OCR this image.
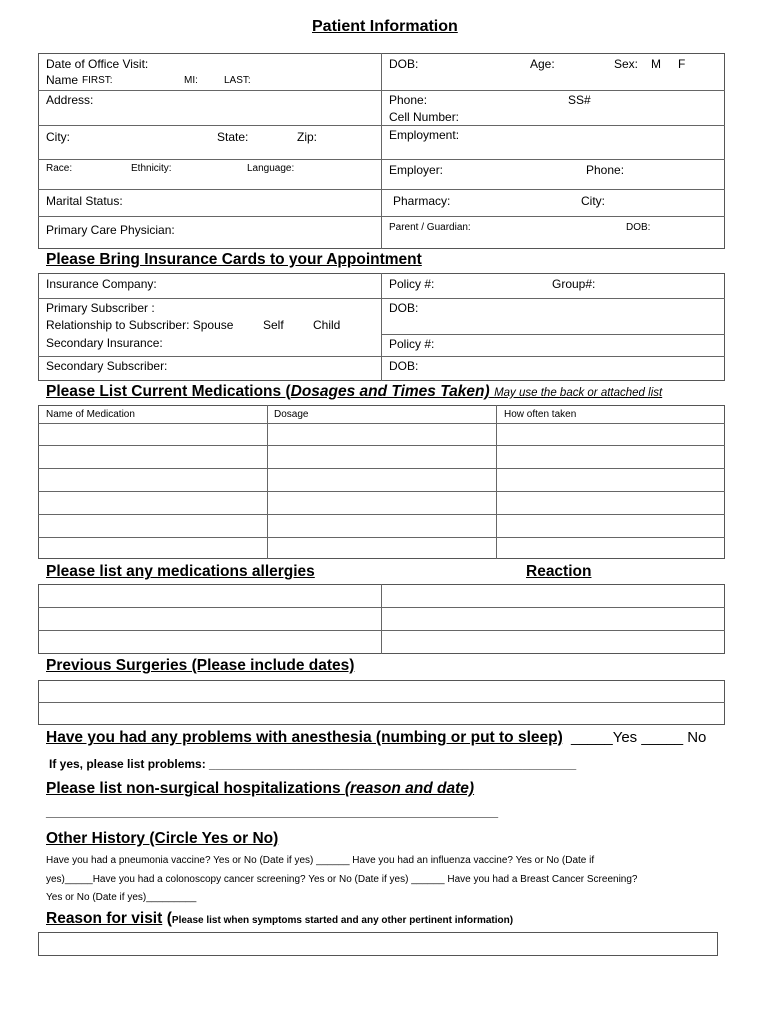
Patient Information
Date of Office Visit:
Name FIRST:	MI:	LAST:
DOB:	Age:	Sex: M F
Address:	Phone:	SS#
Cell Number:
City:	State:	Zip:	Employment:
Race:	Ethnicity:	Language:	Employer:	Phone:
Marital Status:	Pharmacy:	City:
Primary Care Physician:	Parent / Guardian:	DOB:
Please Bring Insurance Cards to your Appointment
Insurance Company:	Policy #:	Group#:
Primary Subscriber :
Relationship to Subscriber: Spouse Self Child
DOB:
Secondary Insurance:	Policy #:
Secondary Subscriber:	DOB:
Please List Current Medications (Dosages and Times Taken) May use the back or attached list
Name of Medication	Dosage	How often taken
Please list any medications allergies	Reaction
Previous Surgeries (Please include dates)
Have you had any problems with anesthesia (numbing or put to sleep) _____Yes _____ No
If yes, please list problems: _______________________________________________________
Please list non-surgical hospitalizations (reason and date)
______________________________________________________________________
Other History (Circle Yes or No)
Have you had a pneumonia vaccine? Yes or No (Date if yes) ______ Have you had an influenza vaccine? Yes or No (Date if
yes)_____Have you had a colonoscopy cancer screening? Yes or No (Date if yes) ______ Have you had a Breast Cancer Screening?
Yes or No (Date if yes)_________
Reason for visit (Please list when symptoms started and any other pertinent information)
